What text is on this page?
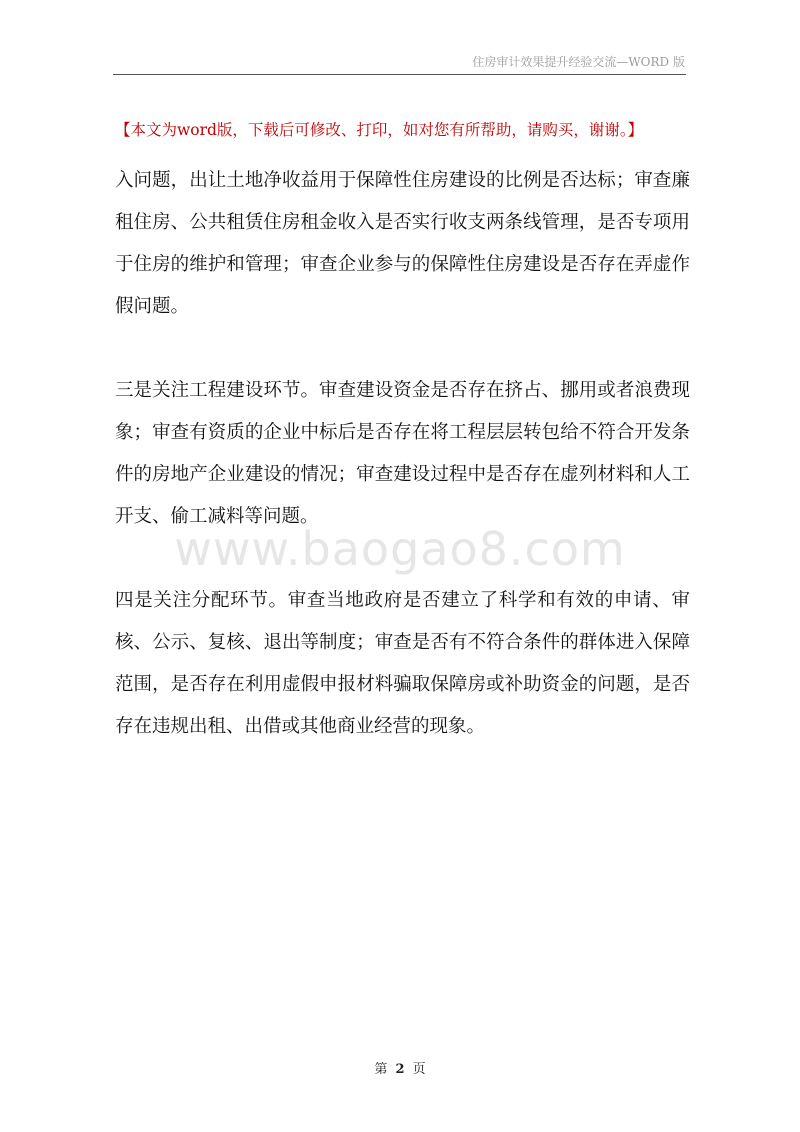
住房审计效果提升经验交流—WORD 版
【本文为word版，下载后可修改、打印，如对您有所帮助，请购买，谢谢。】

入问题，出让土地净收益用于保障性住房建设的比例是否达标；审查廉租住房、公共租赁住房租金收入是否实行收支两条线管理，是否专项用于住房的维护和管理；审查企业参与的保障性住房建设是否存在弄虚作假问题。

三是关注工程建设环节。审查建设资金是否存在挤占、挪用或者浪费现象；审查有资质的企业中标后是否存在将工程层层转包给不符合开发条件的房地产企业建设的情况；审查建设过程中是否存在虚列材料和人工开支、偷工减料等问题。

四是关注分配环节。审查当地政府是否建立了科学和有效的申请、审核、公示、复核、退出等制度；审查是否有不符合条件的群体进入保障范围，是否存在利用虚假申报材料骗取保障房或补助资金的问题，是否存在违规出租、出借或其他商业经营的现象。

www.baogao8.com
第 2 页
